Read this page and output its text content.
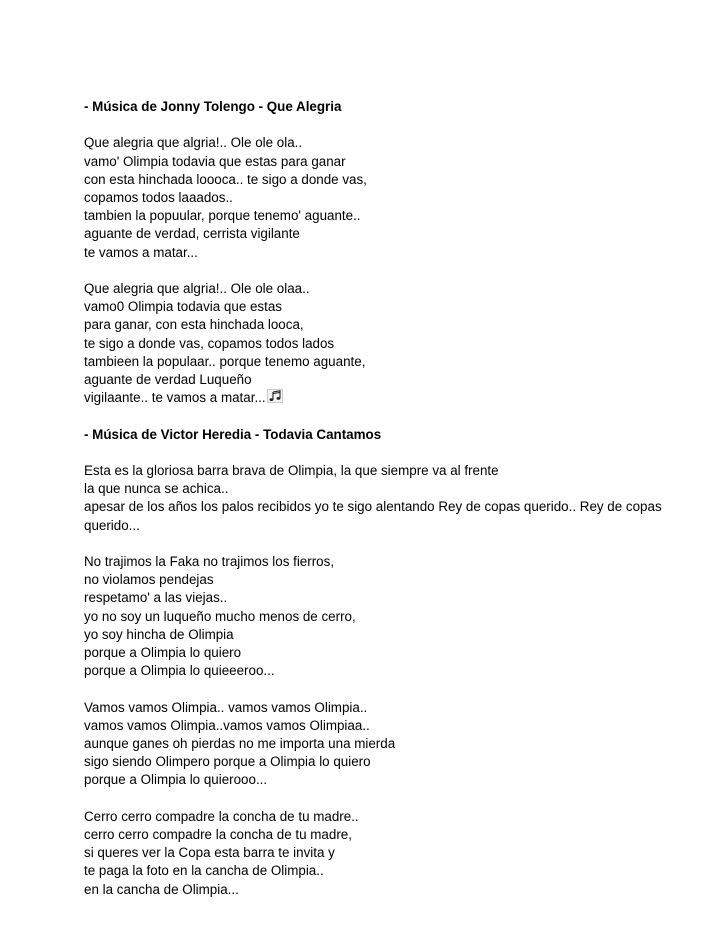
- Música de Jonny Tolengo - Que Alegria

Que alegria que algria!.. Ole ole ola..
vamo' Olimpia todavia que estas para ganar
con esta hinchada loooca.. te sigo a donde vas,
copamos todos laaados..
tambien la popuular, porque tenemo' aguante..
aguante de verdad, cerrista vigilante
te vamos a matar...

Que alegria que algria!.. Ole ole olaa..
vamo0 Olimpia todavia que estas
para ganar, con esta hinchada looca,
te sigo a donde vas, copamos todos lados
tambieen la populaar.. porque tenemo aguante,
aguante de verdad Luqueño
vigilaante.. te vamos a matar...

- Música de Victor Heredia - Todavia Cantamos

Esta es la gloriosa barra brava de Olimpia, la que siempre va al frente
la que nunca se achica..
apesar de los años los palos recibidos yo te sigo alentando Rey de copas querido.. Rey de copas querido...

No trajimos la Faka no trajimos los fierros,
no violamos pendejas
respetamo' a las viejas..
yo no soy un luqueño mucho menos de cerro,
yo soy hincha de Olimpia
porque a Olimpia lo quiero
porque a Olimpia lo quieeeroo...

Vamos vamos Olimpia.. vamos vamos Olimpia..
vamos vamos Olimpia..vamos vamos Olimpiaa..
aunque ganes oh pierdas no me importa una mierda
sigo siendo Olimpero porque a Olimpia lo quiero
porque a Olimpia lo quierooo...

Cerro cerro compadre la concha de tu madre..
cerro cerro compadre la concha de tu madre,
si queres ver la Copa esta barra te invita y
te paga la foto en la cancha de Olimpia..
en la cancha de Olimpia...
